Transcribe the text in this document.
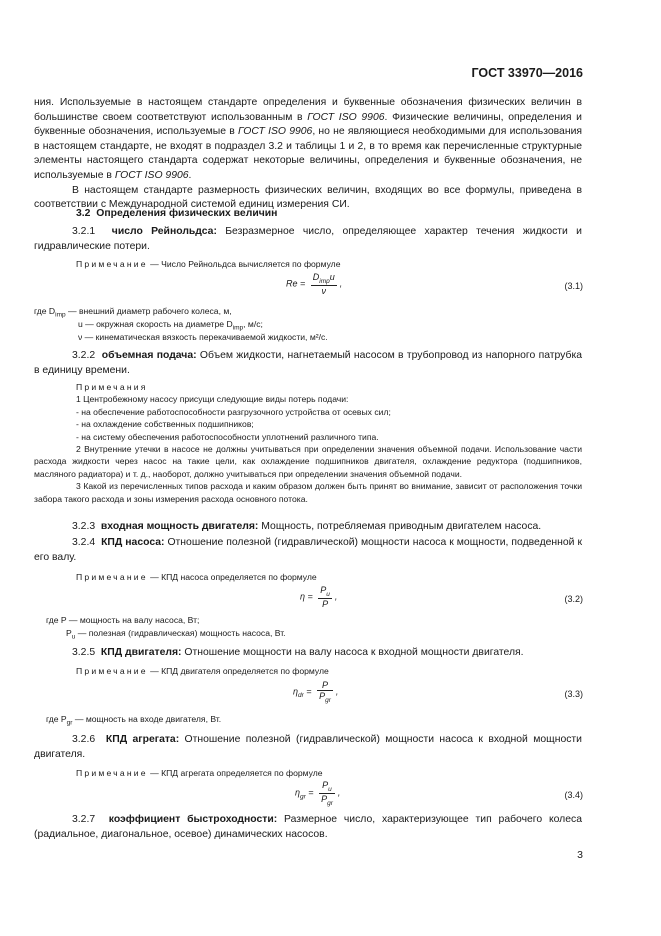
ГОСТ 33970—2016

ния. Используемые в настоящем стандарте определения и буквенные обозначения физических величин в большинстве своем соответствуют использованным в ГОСТ ISO 9906. Физические величины, определения и буквенные обозначения, используемые в ГОСТ ISO 9906, но не являющиеся необходимыми для использования в настоящем стандарте, не входят в подраздел 3.2 и таблицы 1 и 2, в то время как перечисленные структурные элементы настоящего стандарта содержат некоторые величины, определения и буквенные обозначения, не используемые в ГОСТ ISO 9906.

В настоящем стандарте размерность физических величин, входящих во все формулы, приведена в соответствии с Международной системой единиц измерения СИ.

3.2 Определения физических величин

3.2.1 число Рейнольдса: Безразмерное число, определяющее характер течения жидкости и гидравлические потери.

Примечание — Число Рейнольдса вычисляется по формуле
$Re = \frac{D_{imp}u}{\nu}$ ,	(3.1)
где $D_{imp}$ — внешний диаметр рабочего колеса, м,
u — окружная скорость на диаметре $D_{imp}$, м/с;
ν — кинематическая вязкость перекачиваемой жидкости, м²/с.

3.2.2 объемная подача: Объем жидкости, нагнетаемый насосом в трубопровод из напорного патрубка в единицу времени.

Примечания
1 Центробежному насосу присущи следующие виды потерь подачи:
- на обеспечение работоспособности разгрузочного устройства от осевых сил;
- на охлаждение собственных подшипников;
- на систему обеспечения работоспособности уплотнений различного типа.

2 Внутренние утечки в насосе не должны учитываться при определении значения объемной подачи. Использование части расхода жидкости через насос на такие цели, как охлаждение подшипников двигателя, охлаждение редуктора (подшипников, масляного радиатора) и т. д., наоборот, должно учитываться при определении значения объемной подачи.

3 Какой из перечисленных типов расхода и каким образом должен быть принят во внимание, зависит от расположения точки забора такого расхода и зоны измерения расхода основного потока.

3.2.3 входная мощность двигателя: Мощность, потребляемая приводным двигателем насоса.

3.2.4 КПД насоса: Отношение полезной (гидравлической) мощности насоса к мощности, подведенной к его валу.

Примечание — КПД насоса определяется по формуле
$\eta = \frac{P_u}{P}$ ,	(3.2)
где P — мощность на валу насоса, Вт;
$P_u$ — полезная (гидравлическая) мощность насоса, Вт.

3.2.5 КПД двигателя: Отношение мощности на валу насоса к входной мощности двигателя.

Примечание — КПД двигателя определяется по формуле
$\eta_{dr} = \frac{P}{P_{gr}}$ ,	(3.3)
где $P_{gr}$ — мощность на входе двигателя, Вт.

3.2.6 КПД агрегата: Отношение полезной (гидравлической) мощности насоса к входной мощности двигателя.

Примечание — КПД агрегата определяется по формуле
$\eta_{gr} = \frac{P_u}{P_{gr}}$ ,	(3.4)

3.2.7 коэффициент быстроходности: Размерное число, характеризующее тип рабочего колеса (радиальное, диагональное, осевое) динамических насосов.

3
